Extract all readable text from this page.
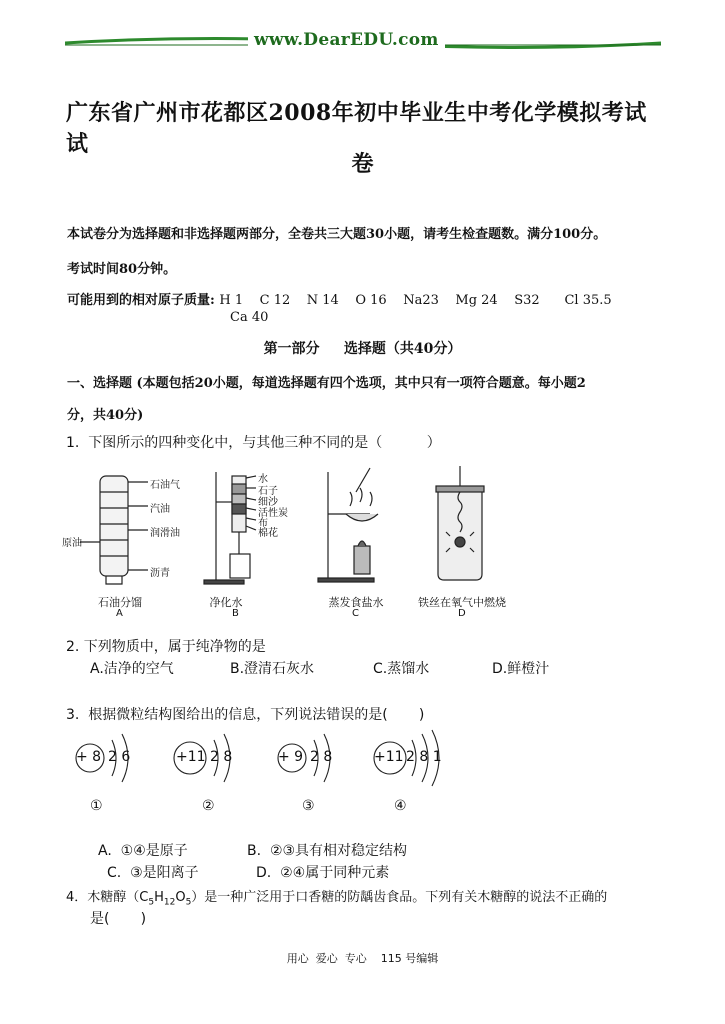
www.DearEDU.com
广东省广州市花都区2008年初中毕业生中考化学模拟考试试
卷
本试卷分为选择题和非选择题两部分，全卷共三大题30小题，请考生检查题数。满分100分。
考试时间80分钟。
可能用到的相对原子质量: H 1    C 12    N 14    O 16    Na23    Mg 24    S32      Cl 35.5
Ca 40
第一部分     选择题（共40分）
一、选择题 (本题包括20小题，每道选择题有四个选项，其中只有一项符合题意。每小题2
分，共40分)
1.  下图所示的四种变化中，与其他三种不同的是（          ）
石油气
汽油
润滑油
原油
沥青
石油分馏
A
水
石子
细沙
活性炭
布
棉花
净化水
B
蒸发食盐水
C
铁丝在氧气中燃烧
D
2. 下列物质中，属于纯净物的是
A.洁净的空气	B.澄清石灰水	C.蒸馏水	D.鲜橙汁
3.  根据微粒结构图给出的信息，下列说法错误的是(       )
+ 8 2 6
①
+11 2 8
②
+ 9 2 8
③
+11 2 8 1
④
A.  ①④是原子	B.  ②③具有相对稳定结构
C.  ③是阳离子	D.  ②④属于同种元素
4．木糖醇$(C_5H_{12}O_5)$是一种广泛用于口香糖的防龋齿食品。下列有关木糖醇的说法不正确的
是(       )
用心  爱心  专心    115 号编辑
